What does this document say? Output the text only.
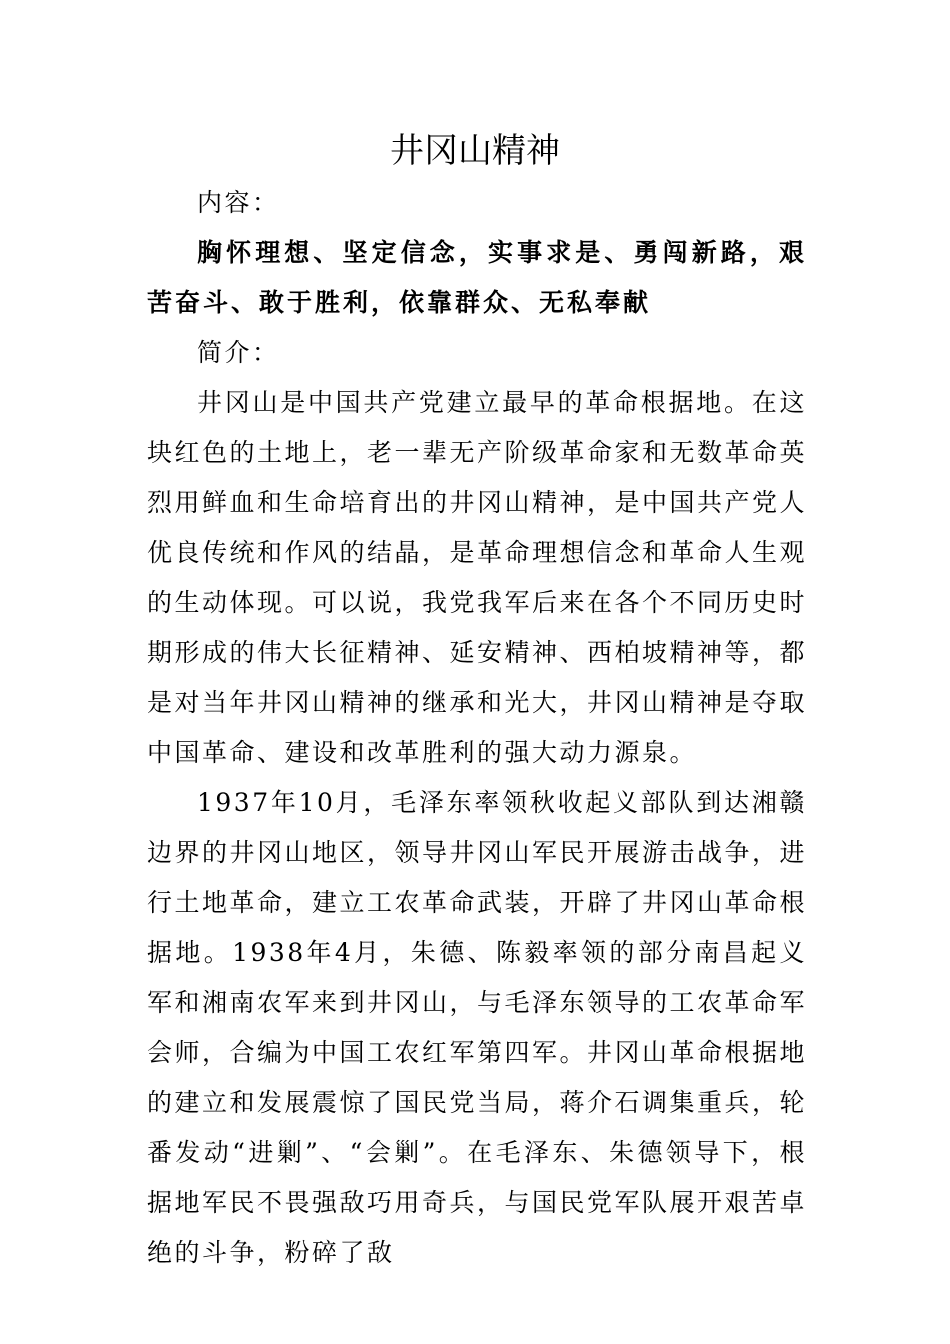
井冈山精神

内容：

胸怀理想、坚定信念，实事求是、勇闯新路，艰苦奋斗、敢于胜利，依靠群众、无私奉献

简介：

井冈山是中国共产党建立最早的革命根据地。在这块红色的土地上，老一辈无产阶级革命家和无数革命英烈用鲜血和生命培育出的井冈山精神，是中国共产党人优良传统和作风的结晶，是革命理想信念和革命人生观的生动体现。可以说，我党我军后来在各个不同历史时期形成的伟大长征精神、延安精神、西柏坡精神等，都是对当年井冈山精神的继承和光大，井冈山精神是夺取中国革命、建设和改革胜利的强大动力源泉。

1937年10月，毛泽东率领秋收起义部队到达湘赣边界的井冈山地区，领导井冈山军民开展游击战争，进行土地革命，建立工农革命武装，开辟了井冈山革命根据地。1938年4月，朱德、陈毅率领的部分南昌起义军和湘南农军来到井冈山，与毛泽东领导的工农革命军会师，合编为中国工农红军第四军。井冈山革命根据地的建立和发展震惊了国民党当局，蒋介石调集重兵，轮番发动“进剿”、“会剿”。在毛泽东、朱德领导下，根据地军民不畏强敌巧用奇兵，与国民党军队展开艰苦卓绝的斗争，粉碎了敌
